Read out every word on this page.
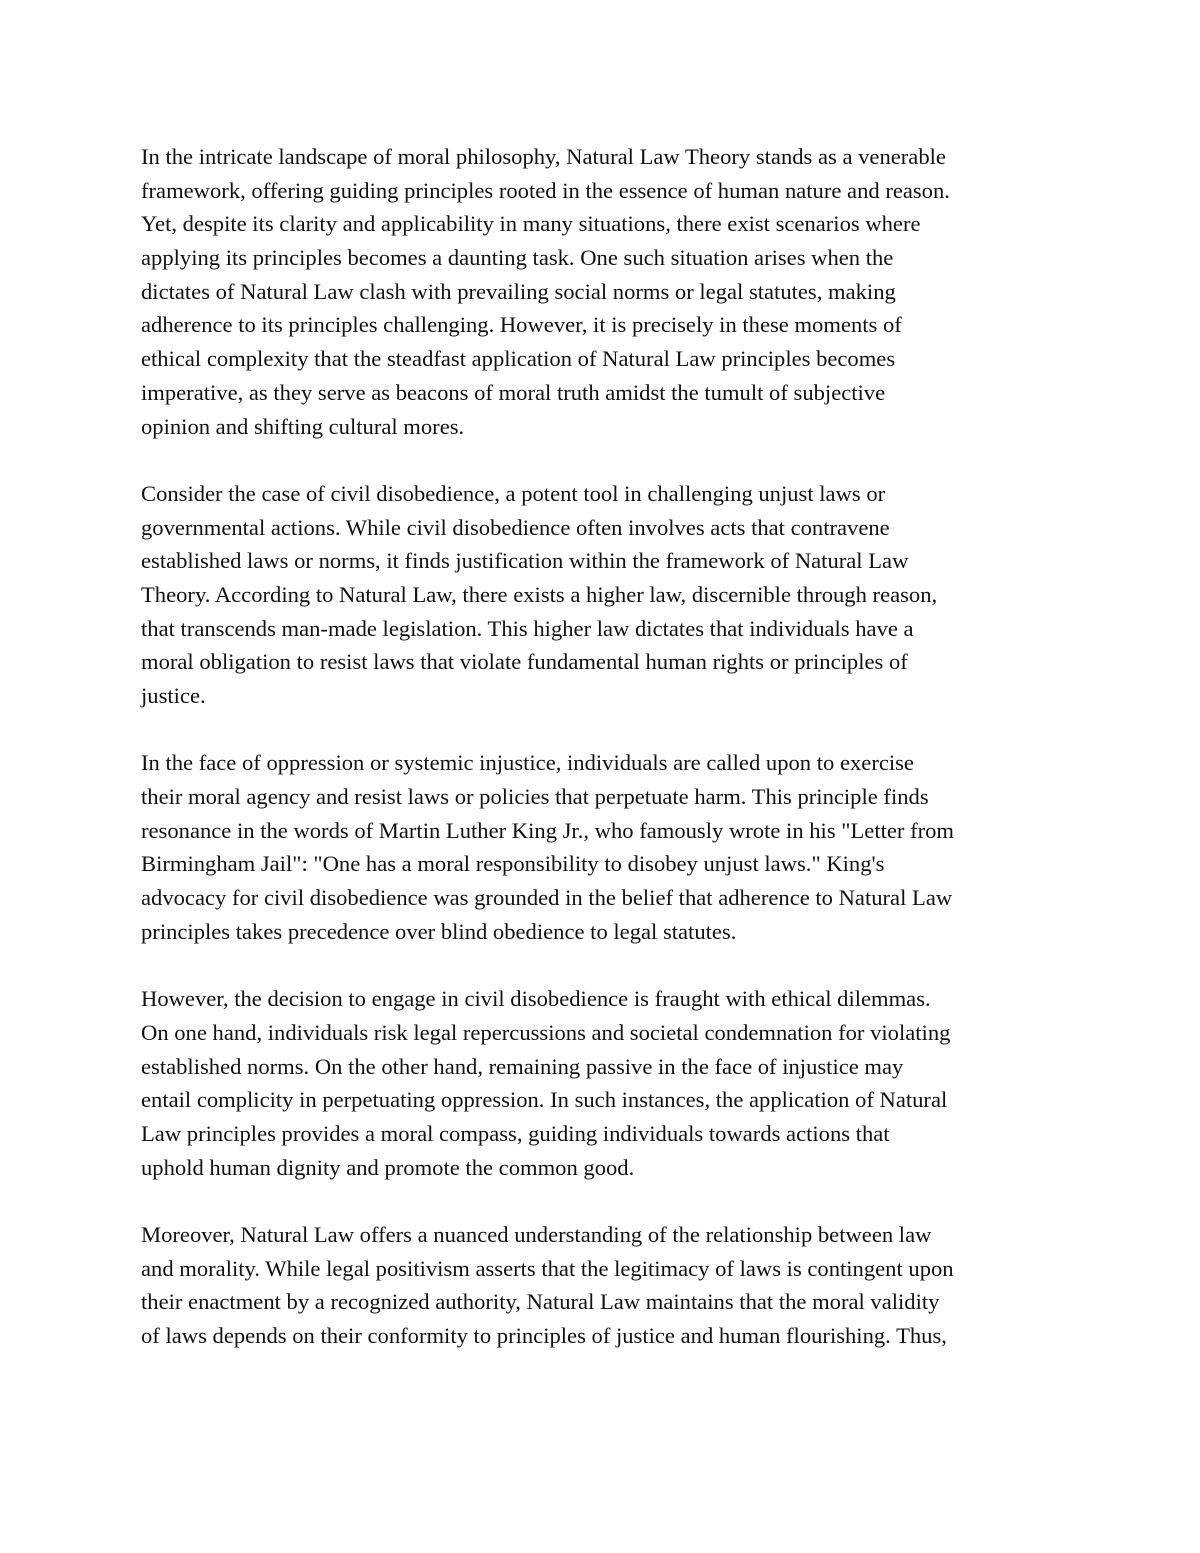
In the intricate landscape of moral philosophy, Natural Law Theory stands as a venerable
framework, offering guiding principles rooted in the essence of human nature and reason.
Yet, despite its clarity and applicability in many situations, there exist scenarios where
applying its principles becomes a daunting task. One such situation arises when the
dictates of Natural Law clash with prevailing social norms or legal statutes, making
adherence to its principles challenging. However, it is precisely in these moments of
ethical complexity that the steadfast application of Natural Law principles becomes
imperative, as they serve as beacons of moral truth amidst the tumult of subjective
opinion and shifting cultural mores.
Consider the case of civil disobedience, a potent tool in challenging unjust laws or
governmental actions. While civil disobedience often involves acts that contravene
established laws or norms, it finds justification within the framework of Natural Law
Theory. According to Natural Law, there exists a higher law, discernible through reason,
that transcends man-made legislation. This higher law dictates that individuals have a
moral obligation to resist laws that violate fundamental human rights or principles of
justice.
In the face of oppression or systemic injustice, individuals are called upon to exercise
their moral agency and resist laws or policies that perpetuate harm. This principle finds
resonance in the words of Martin Luther King Jr., who famously wrote in his "Letter from
Birmingham Jail": "One has a moral responsibility to disobey unjust laws." King's
advocacy for civil disobedience was grounded in the belief that adherence to Natural Law
principles takes precedence over blind obedience to legal statutes.
However, the decision to engage in civil disobedience is fraught with ethical dilemmas.
On one hand, individuals risk legal repercussions and societal condemnation for violating
established norms. On the other hand, remaining passive in the face of injustice may
entail complicity in perpetuating oppression. In such instances, the application of Natural
Law principles provides a moral compass, guiding individuals towards actions that
uphold human dignity and promote the common good.
Moreover, Natural Law offers a nuanced understanding of the relationship between law
and morality. While legal positivism asserts that the legitimacy of laws is contingent upon
their enactment by a recognized authority, Natural Law maintains that the moral validity
of laws depends on their conformity to principles of justice and human flourishing. Thus,
